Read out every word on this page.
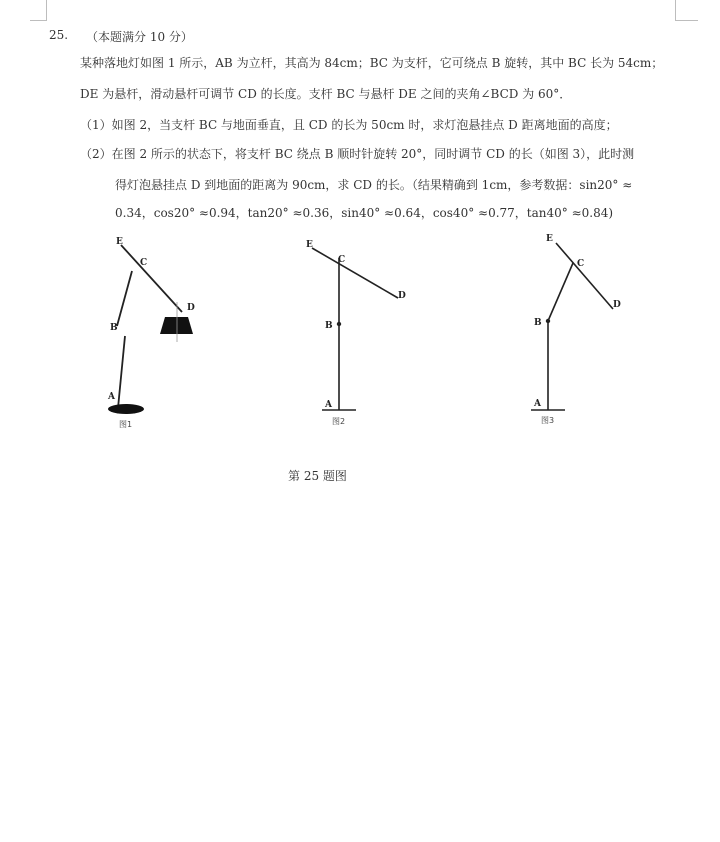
25. （本题满分 10 分）
某种落地灯如图 1 所示，AB 为立杆，其高为 84cm；BC 为支杆，它可绕点 B 旋转，其中 BC 长为 54cm；
DE 为悬杆，滑动悬杆可调节 CD 的长度。支杆 BC 与悬杆 DE 之间的夹角∠BCD 为 60°．
（1）如图 2，当支杆 BC 与地面垂直，且 CD 的长为 50cm 时，求灯泡悬挂点 D 距离地面的高度；
（2）在图 2 所示的状态下，将支杆 BC 绕点 B 顺时针旋转 20°，同时调节 CD 的长（如图 3），此时测
得灯泡悬挂点 D 到地面的距离为 90cm，求 CD 的长。（结果精确到 1cm，参考数据：sin20° ≈
0.34，cos20° ≈0.94，tan20° ≈0.36，sin40° ≈0.64，cos40° ≈0.77，tan40° ≈0.84)
E
C
D
B
A
图1
E
C
D
B
A
图2
E
C
D
B
A
图3
第 25 题图
